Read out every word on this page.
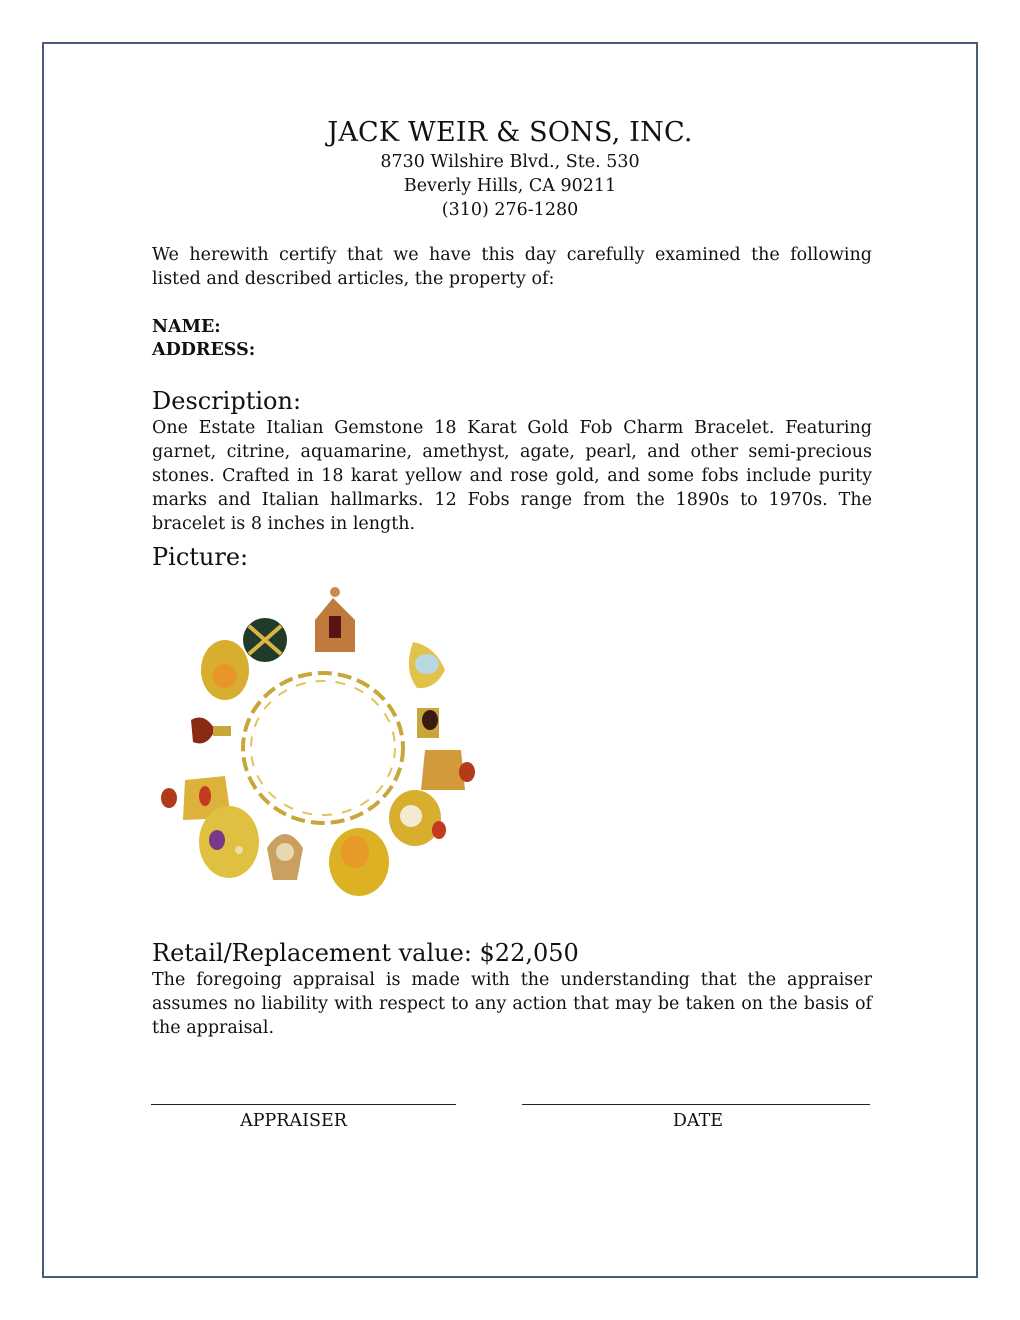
JACK WEIR & SONS, INC.
8730 Wilshire Blvd., Ste. 530
Beverly Hills, CA 90211
(310) 276-1280
We herewith certify that we have this day carefully examined the following listed and described articles, the property of:
NAME:
ADDRESS:
Description:
One Estate Italian Gemstone 18 Karat Gold Fob Charm Bracelet. Featuring garnet, citrine, aquamarine, amethyst, agate, pearl, and other semi-precious stones. Crafted in 18 karat yellow and rose gold, and some fobs include purity marks and Italian hallmarks. 12 Fobs range from the 1890s to 1970s. The bracelet is 8 inches in length.
Picture:
Retail/Replacement value: $22,050
The foregoing appraisal is made with the understanding that the appraiser assumes no liability with respect to any action that may be taken on the basis of the appraisal.
APPRAISER	DATE
